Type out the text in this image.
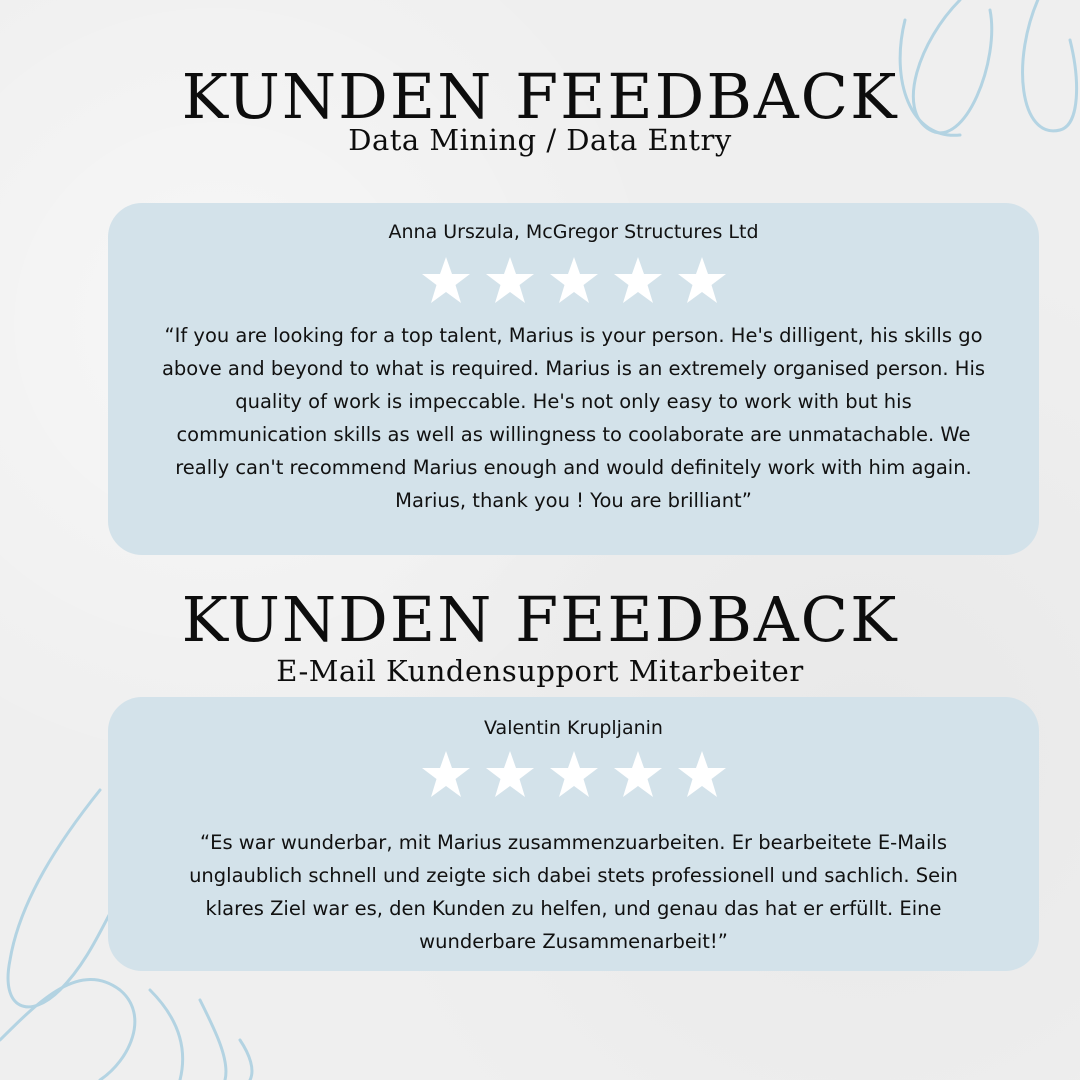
KUNDEN FEEDBACK
Data Mining / Data Entry
Anna Urszula, McGregor Structures Ltd

“If you are looking for a top talent, Marius is your person. He's dilligent, his skills go above and beyond to what is required. Marius is an extremely organised person. His quality of work is impeccable. He's not only easy to work with but his communication skills as well as willingness to coolaborate are unmatachable. We really can't recommend Marius enough and would definitely work with him again. Marius, thank you ! You are brilliant”

KUNDEN FEEDBACK
E-Mail Kundensupport Mitarbeiter
Valentin Krupljanin

“Es war wunderbar, mit Marius zusammenzuarbeiten. Er bearbeitete E-Mails unglaublich schnell und zeigte sich dabei stets professionell und sachlich. Sein klares Ziel war es, den Kunden zu helfen, und genau das hat er erfüllt. Eine wunderbare Zusammenarbeit!”
